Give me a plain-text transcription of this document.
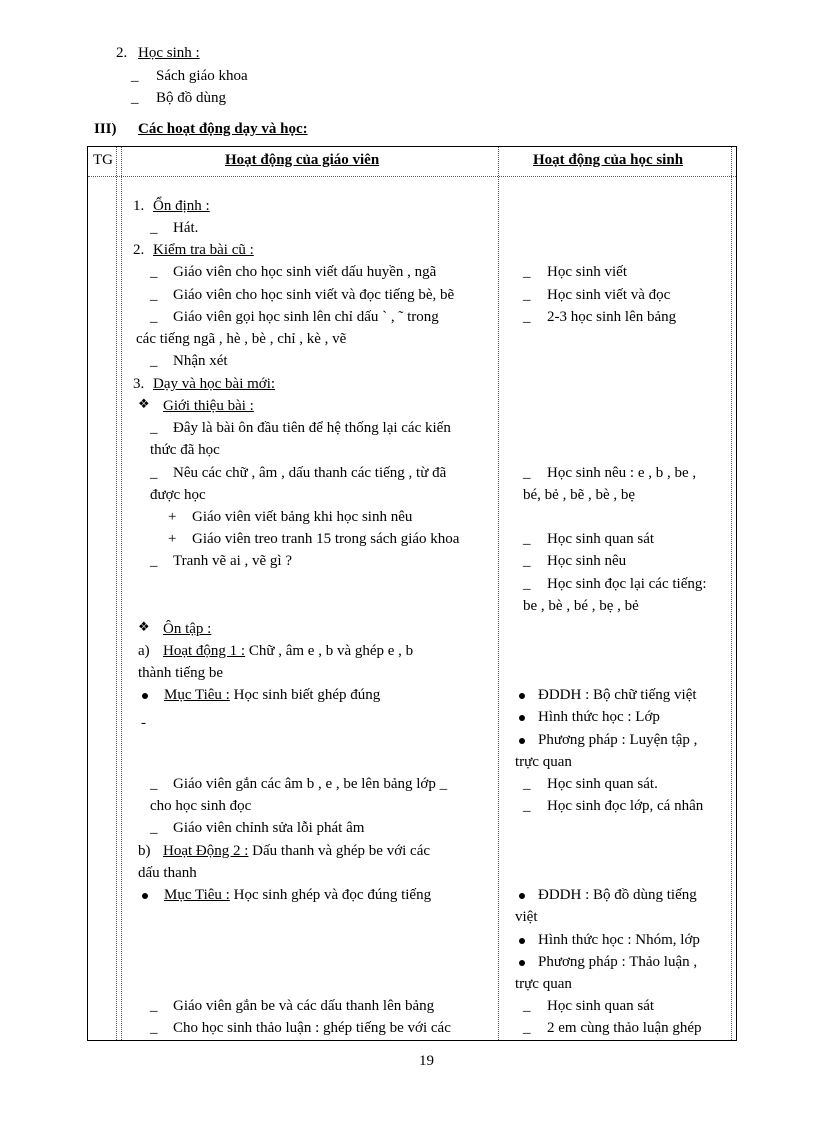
2. Học sinh :
_ Sách giáo khoa
_ Bộ đồ dùng
III) Các hoạt động dạy và học:
TG	Hoạt động của giáo viên	Hoạt động của học sinh
1. Ổn định :
_ Hát.
2. Kiểm tra bài cũ :
_ Giáo viên cho học sinh viết dấu huyền , ngã
_ Giáo viên cho học sinh viết và đọc tiếng bè, bẽ
_ Giáo viên gọi học sinh lên chỉ dấu ` , ˜ trong
các tiếng ngã , hè , bè , chỉ , kè , vẽ
_ Nhận xét
3. Dạy và học bài mới:
❖ Giới thiệu bài :
_ Đây là bài ôn đầu tiên để hệ thống lại các kiến
thức đã học
_ Nêu các chữ , âm , dấu thanh các tiếng , từ đã
được học
+ Giáo viên viết bảng khi học sinh nêu
+ Giáo viên treo tranh 15 trong sách giáo khoa
_ Tranh vẽ ai , vẽ gì ?
❖ Ôn tập :
a) Hoạt động 1 : Chữ , âm e , b và ghép e , b
thành tiếng be
Mục Tiêu : Học sinh biết ghép đúng
-
_ Giáo viên gắn các âm b , e , be lên bảng lớp _
cho học sinh đọc
_ Giáo viên chỉnh sửa lỗi phát âm
b) Hoạt Động 2 : Dấu thanh và ghép be với các
dấu thanh
Mục Tiêu : Học sinh ghép và đọc đúng tiếng
_ Giáo viên gắn be và các dấu thanh lên bảng
_ Cho học sinh thảo luận : ghép tiếng be với các
_ Học sinh viết
_ Học sinh viết và đọc
_ 2-3 học sinh lên bảng
_ Học sinh nêu : e , b , be ,
bé, bẻ , bẽ , bè , bẹ
_ Học sinh quan sát
_ Học sinh nêu
_ Học sinh đọc lại các tiếng:
be , bè , bé , bẹ , bẻ
ĐDDH : Bộ chữ tiếng việt
Hình thức học : Lớp
Phương pháp : Luyện tập ,
trực quan
_ Học sinh quan sát.
_ Học sinh đọc lớp, cá nhân
ĐDDH : Bộ đồ dùng tiếng
việt
Hình thức học : Nhóm, lớp
Phương pháp : Thảo luận ,
trực quan
_ Học sinh quan sát
_ 2 em cùng thảo luận ghép
19
